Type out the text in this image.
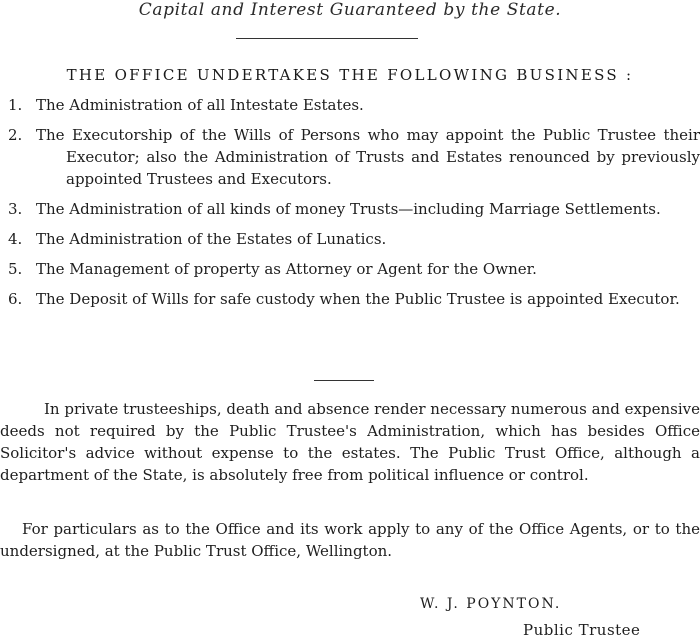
Capital and Interest Guaranteed by the State.
THE OFFICE UNDERTAKES THE FOLLOWING BUSINESS :
1. The Administration of all Intestate Estates.
2. The Executorship of the Wills of Persons who may appoint the Public Trustee their Executor; also the Administration of Trusts and Estates renounced by previously appointed Trustees and Executors.
3. The Administration of all kinds of money Trusts—including Marriage Settlements.
4. The Administration of the Estates of Lunatics.
5. The Management of property as Attorney or Agent for the Owner.
6. The Deposit of Wills for safe custody when the Public Trustee is appointed Executor.

In private trusteeships, death and absence render necessary numerous and expensive deeds not required by the Public Trustee's Administration, which has besides Office Solicitor's advice without expense to the estates. The Public Trust Office, although a department of the State, is absolutely free from political influence or control.

For particulars as to the Office and its work apply to any of the Office Agents, or to the undersigned, at the Public Trust Office, Wellington.

W. J. POYNTON.
Public Trustee
